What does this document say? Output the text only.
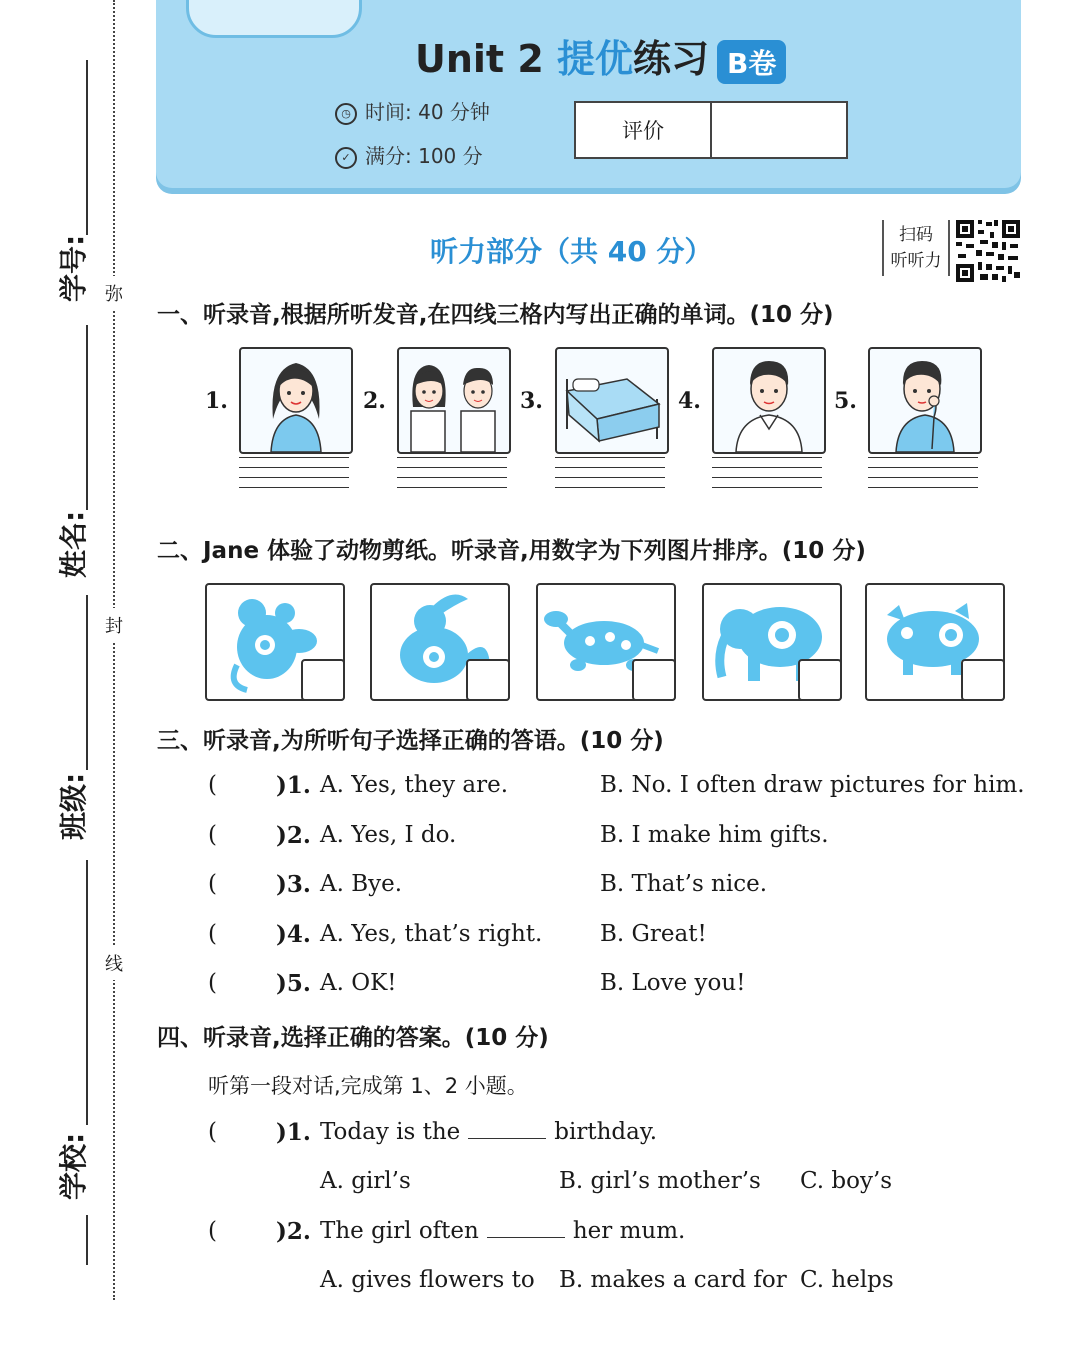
学号:
姓名:
班级:
学校:
弥
封
线
Unit 2 提优练习 B卷
◷ 时间: 40 分钟
✓ 满分: 100 分
评价
听力部分（共 40 分）	扫码
听听力
一、听录音,根据所听发音,在四线三格内写出正确的单词。(10 分)
1.	2.	3.	4.	5.
二、Jane 体验了动物剪纸。听录音,用数字为下列图片排序。(10 分)
三、听录音,为所听句子选择正确的答语。(10 分)
(	)1. A. Yes, they are.	B. No. I often draw pictures for him.
(	)2. A. Yes, I do.	B. I make him gifts.
(	)3. A. Bye.	B. That’s nice.
(	)4. A. Yes, that’s right.	B. Great!
(	)5. A. OK!	B. Love you!
四、听录音,选择正确的答案。(10 分)
听第一段对话,完成第 1、2 小题。
(	)1. Today is the	birthday.
A. girl’s	B. girl’s mother’s C. boy’s
(	)2. The girl often	her mum.
A. gives flowers to B. makes a card for C. helps
